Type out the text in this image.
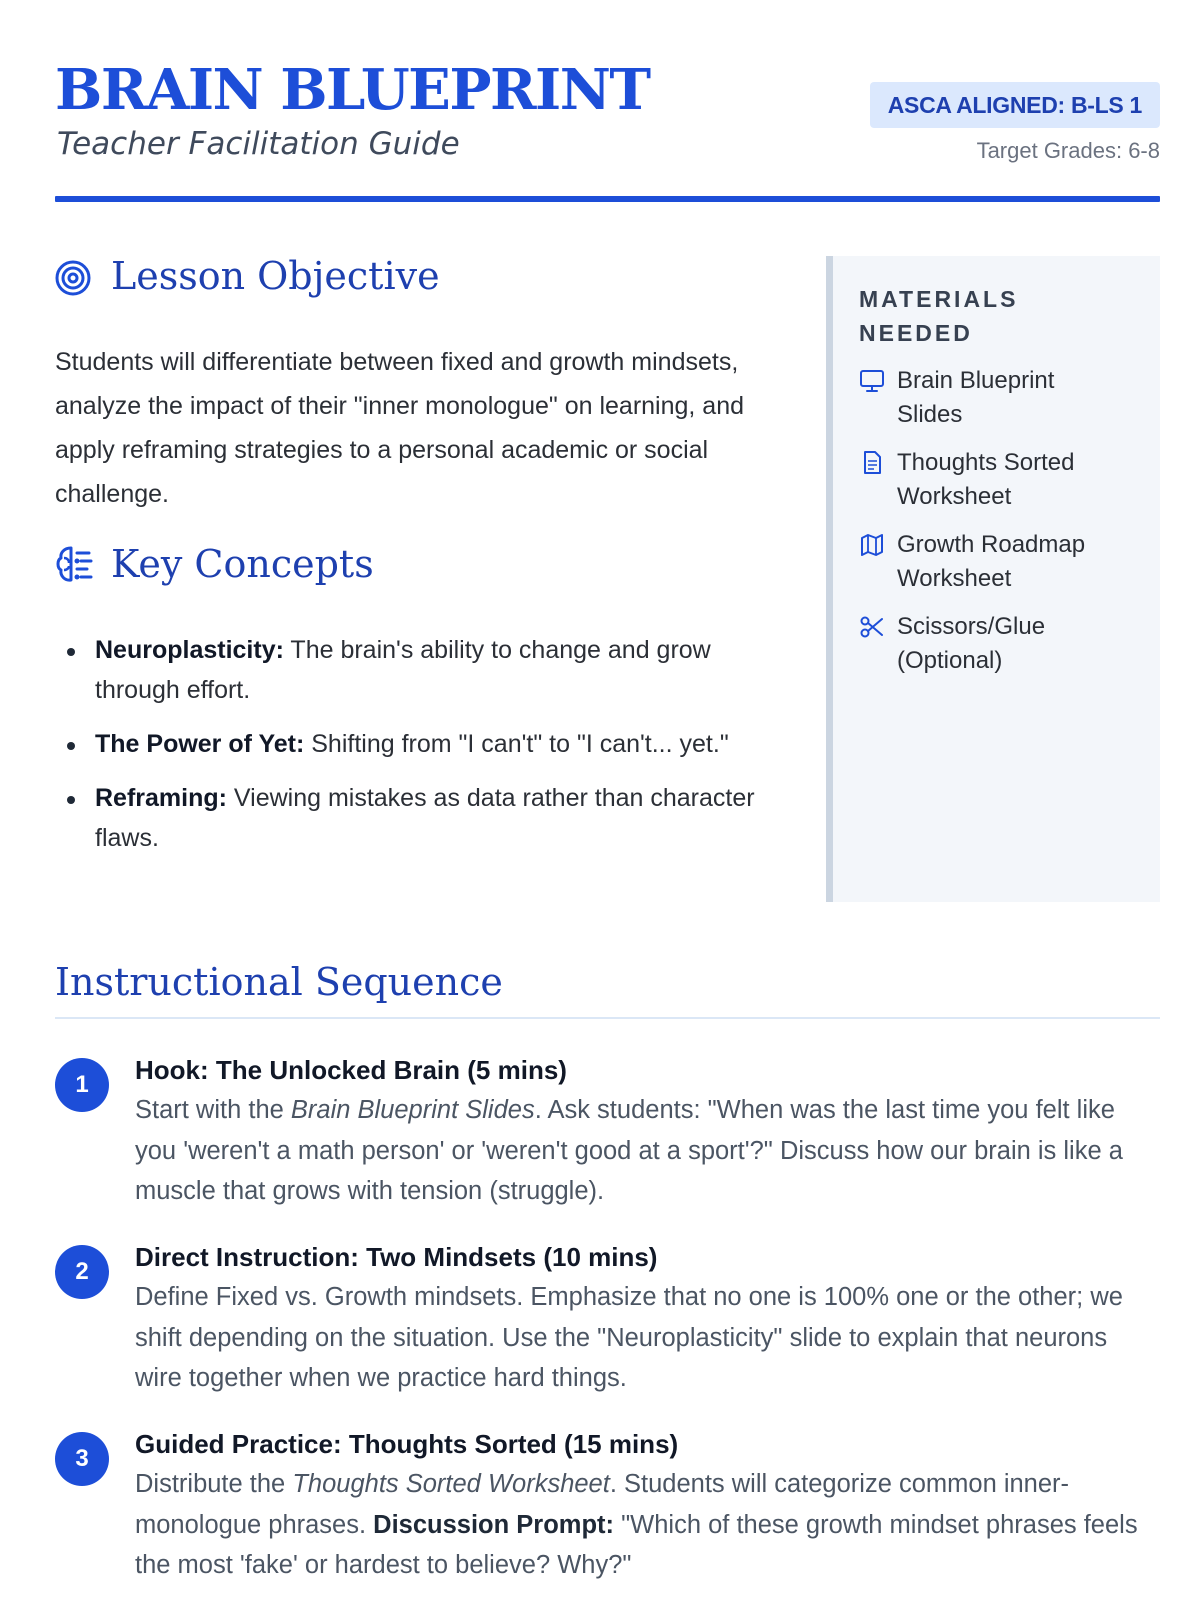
BRAIN BLUEPRINT
Teacher Facilitation Guide
ASCA ALIGNED: B-LS 1
Target Grades: 6-8
Lesson Objective

Students will differentiate between fixed and growth mindsets, analyze the impact of their "inner monologue" on learning, and apply reframing strategies to a personal academic or social challenge.

Key Concepts
Neuroplasticity: The brain's ability to change and grow through effort.
The Power of Yet: Shifting from "I can't" to "I can't... yet."
Reframing: Viewing mistakes as data rather than character flaws.
MATERIALS NEEDED
Brain Blueprint Slides
Thoughts Sorted Worksheet
Growth Roadmap Worksheet
Scissors/Glue (Optional)
Instructional Sequence
1	Hook: The Unlocked Brain (5 mins)
Start with the Brain Blueprint Slides. Ask students: "When was the last time you felt like you 'weren't a math person' or 'weren't good at a sport'?" Discuss how our brain is like a muscle that grows with tension (struggle).
2	Direct Instruction: Two Mindsets (10 mins)
Define Fixed vs. Growth mindsets. Emphasize that no one is 100% one or the other; we shift depending on the situation. Use the "Neuroplasticity" slide to explain that neurons wire together when we practice hard things.
3	Guided Practice: Thoughts Sorted (15 mins)
Distribute the Thoughts Sorted Worksheet. Students will categorize common inner-monologue phrases. Discussion Prompt: "Which of these growth mindset phrases feels the most 'fake' or hardest to believe? Why?"
